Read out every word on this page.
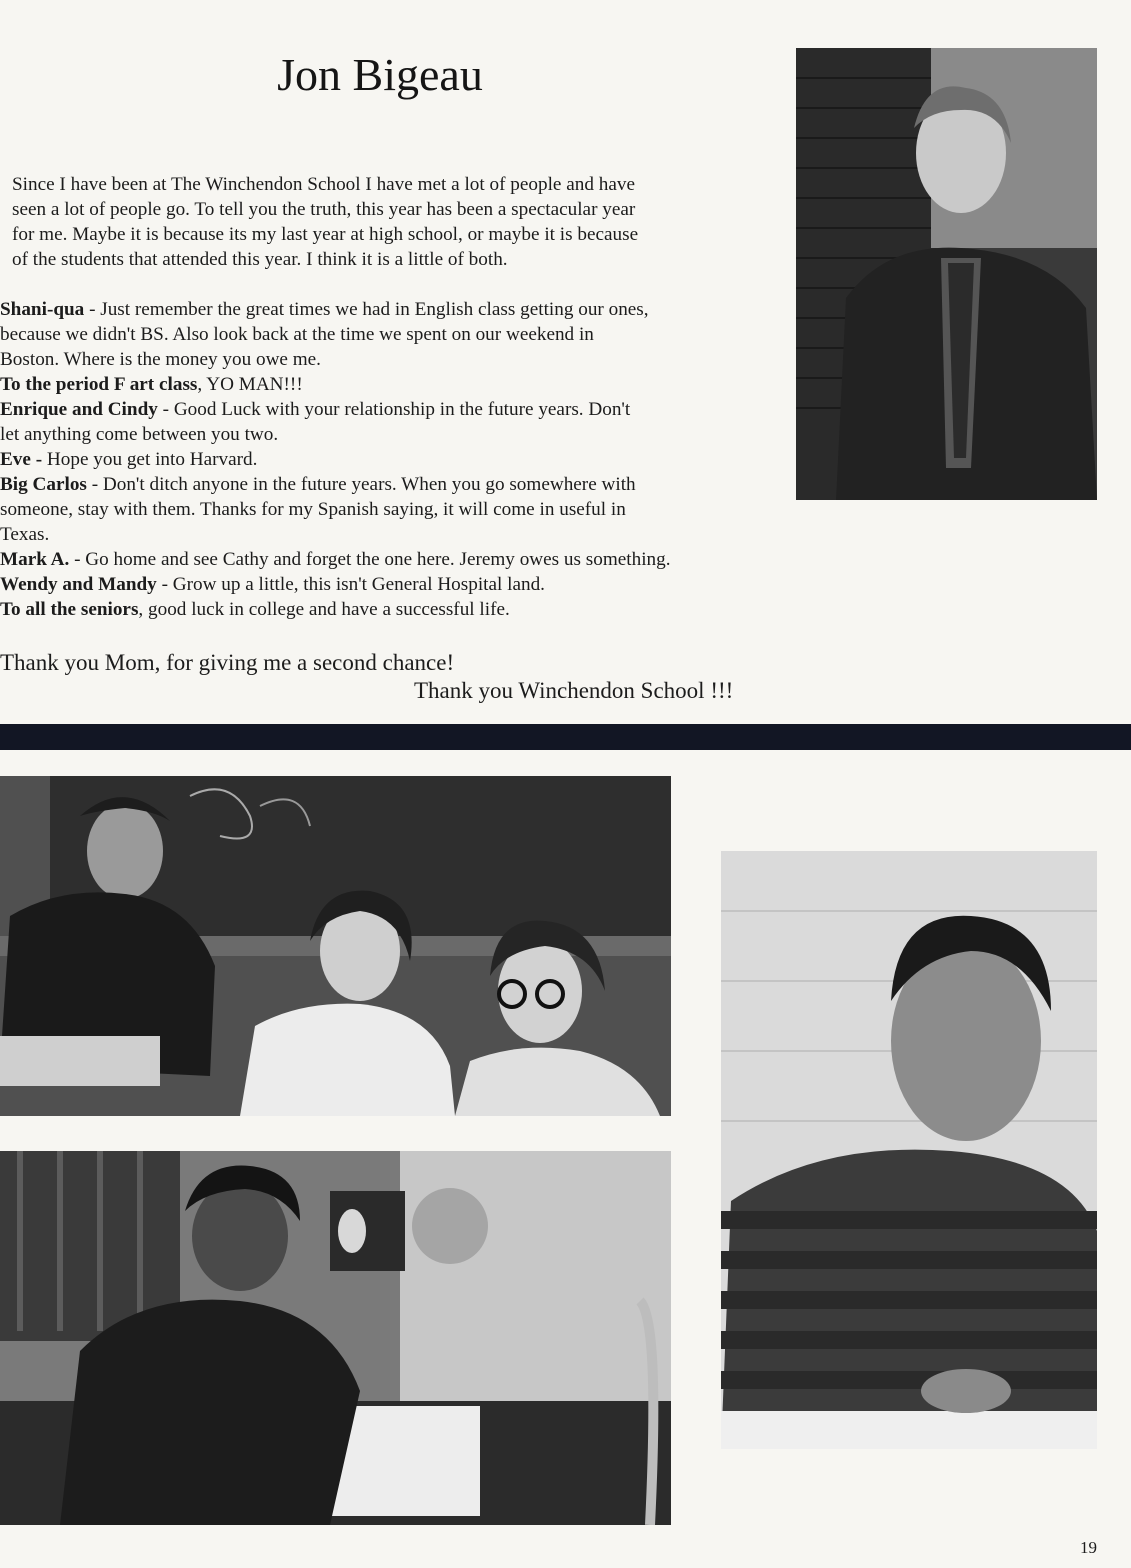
Jon Bigeau

Since I have been at The Winchendon School I have met a lot of people and have
seen a lot of people go. To tell you the truth, this year has been a spectacular year
for me. Maybe it is because its my last year at high school, or maybe it is because
of the students that attended this year. I think it is a little of both.

Shani-qua - Just remember the great times we had in English class getting our ones,
because we didn't BS. Also look back at the time we spent on our weekend in
Boston. Where is the money you owe me.

To the period F art class, YO MAN!!!

Enrique and Cindy - Good Luck with your relationship in the future years. Don't
let anything come between you two.

Eve - Hope you get into Harvard.

Big Carlos - Don't ditch anyone in the future years. When you go somewhere with
someone, stay with them. Thanks for my Spanish saying, it will come in useful in
Texas.

Mark A. - Go home and see Cathy and forget the one here. Jeremy owes us something.

Wendy and Mandy - Grow up a little, this isn't General Hospital land.

To all the seniors, good luck in college and have a successful life.

Thank you Mom, for giving me a second chance!

Thank you Winchendon School !!!

19
